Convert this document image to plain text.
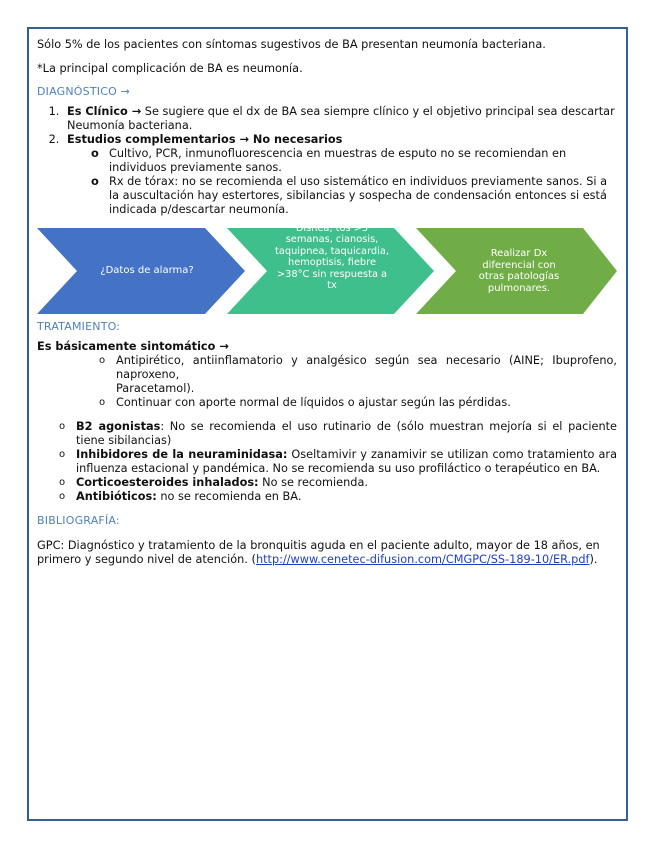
Sólo 5% de los pacientes con síntomas sugestivos de BA presentan neumonía bacteriana.

*La principal complicación de BA es neumonía.

DIAGNÓSTICO →

1. Es Clínico → Se sugiere que el dx de BA sea siempre clínico y el objetivo principal sea descartar Neumonía bacteriana.
2. Estudios complementarios → No necesarios
o Cultivo, PCR, inmunofluorescencia en muestras de esputo no se recomiendan en individuos previamente sanos.
o Rx de tórax: no se recomienda el uso sistemático en individuos previamente sanos. Si a la auscultación hay estertores, sibilancias y sospecha de condensación entonces si está indicada p/descartar neumonía.
¿Datos de alarma?
Disnea, tos >3 semanas, cianosis, taquipnea, taquicardia, hemoptisis, fiebre >38°C sin respuesta a tx
Realizar Dx diferencial con otras patologías pulmonares.

TRATAMIENTO:

Es básicamente sintomático →

o Antipirético, antiinflamatorio y analgésico según sea necesario (AINE; Ibuprofeno, naproxeno,
Paracetamol).
o Continuar con aporte normal de líquidos o ajustar según las pérdidas.
o B2 agonistas: No se recomienda el uso rutinario de (sólo muestran mejoría si el paciente tiene sibilancias)
o Inhibidores de la neuraminidasa: Oseltamivir y zanamivir se utilizan como tratamiento ara influenza estacional y pandémica. No se recomienda su uso profiláctico o terapéutico en BA.
o Corticoesteroides inhalados: No se recomienda.
o Antibióticos: no se recomienda en BA.

BIBLIOGRAFÍA:

GPC: Diagnóstico y tratamiento de la bronquitis aguda en el paciente adulto, mayor de 18 años, en primero y segundo nivel de atención. (http://www.cenetec-difusion.com/CMGPC/SS-189-10/ER.pdf).
